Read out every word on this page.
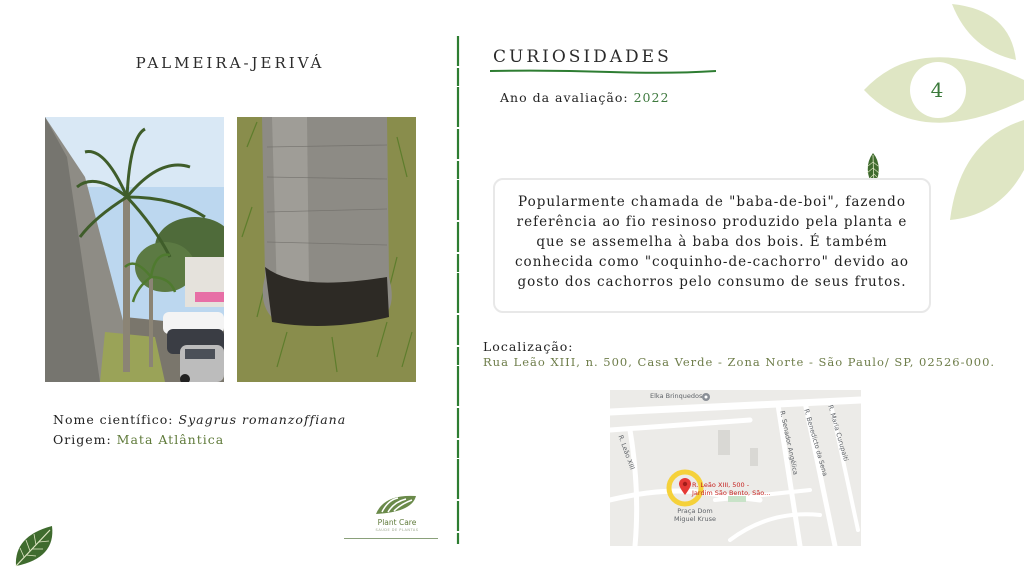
PALMEIRA-JERIVÁ
Nome científico: Syagrus romanzoffiana
Origem: Mata Atlântica
Plant Care
SAÚDE DE PLANTAS
CURIOSIDADES
Ano da avaliação: 2022
Popularmente chamada de "baba-de-boi", fazendo referência ao fio resinoso produzido pela planta e que se assemelha à baba dos bois. É também conhecida como "coquinho-de-cachorro" devido ao gosto dos cachorros pelo consumo de seus frutos.
Localização:
Rua Leão XIII, n. 500, Casa Verde - Zona Norte - São Paulo/ SP, 02526-000.
Elka Brinquedos
R. Leão XIII	R. Senador Angélica R. Benedicto da Sena
R. Maria Curupaiti
R. Leão XIII, 500 -
Jardim São Bento, São...
Praça Dom
Miguel Kruse
4
